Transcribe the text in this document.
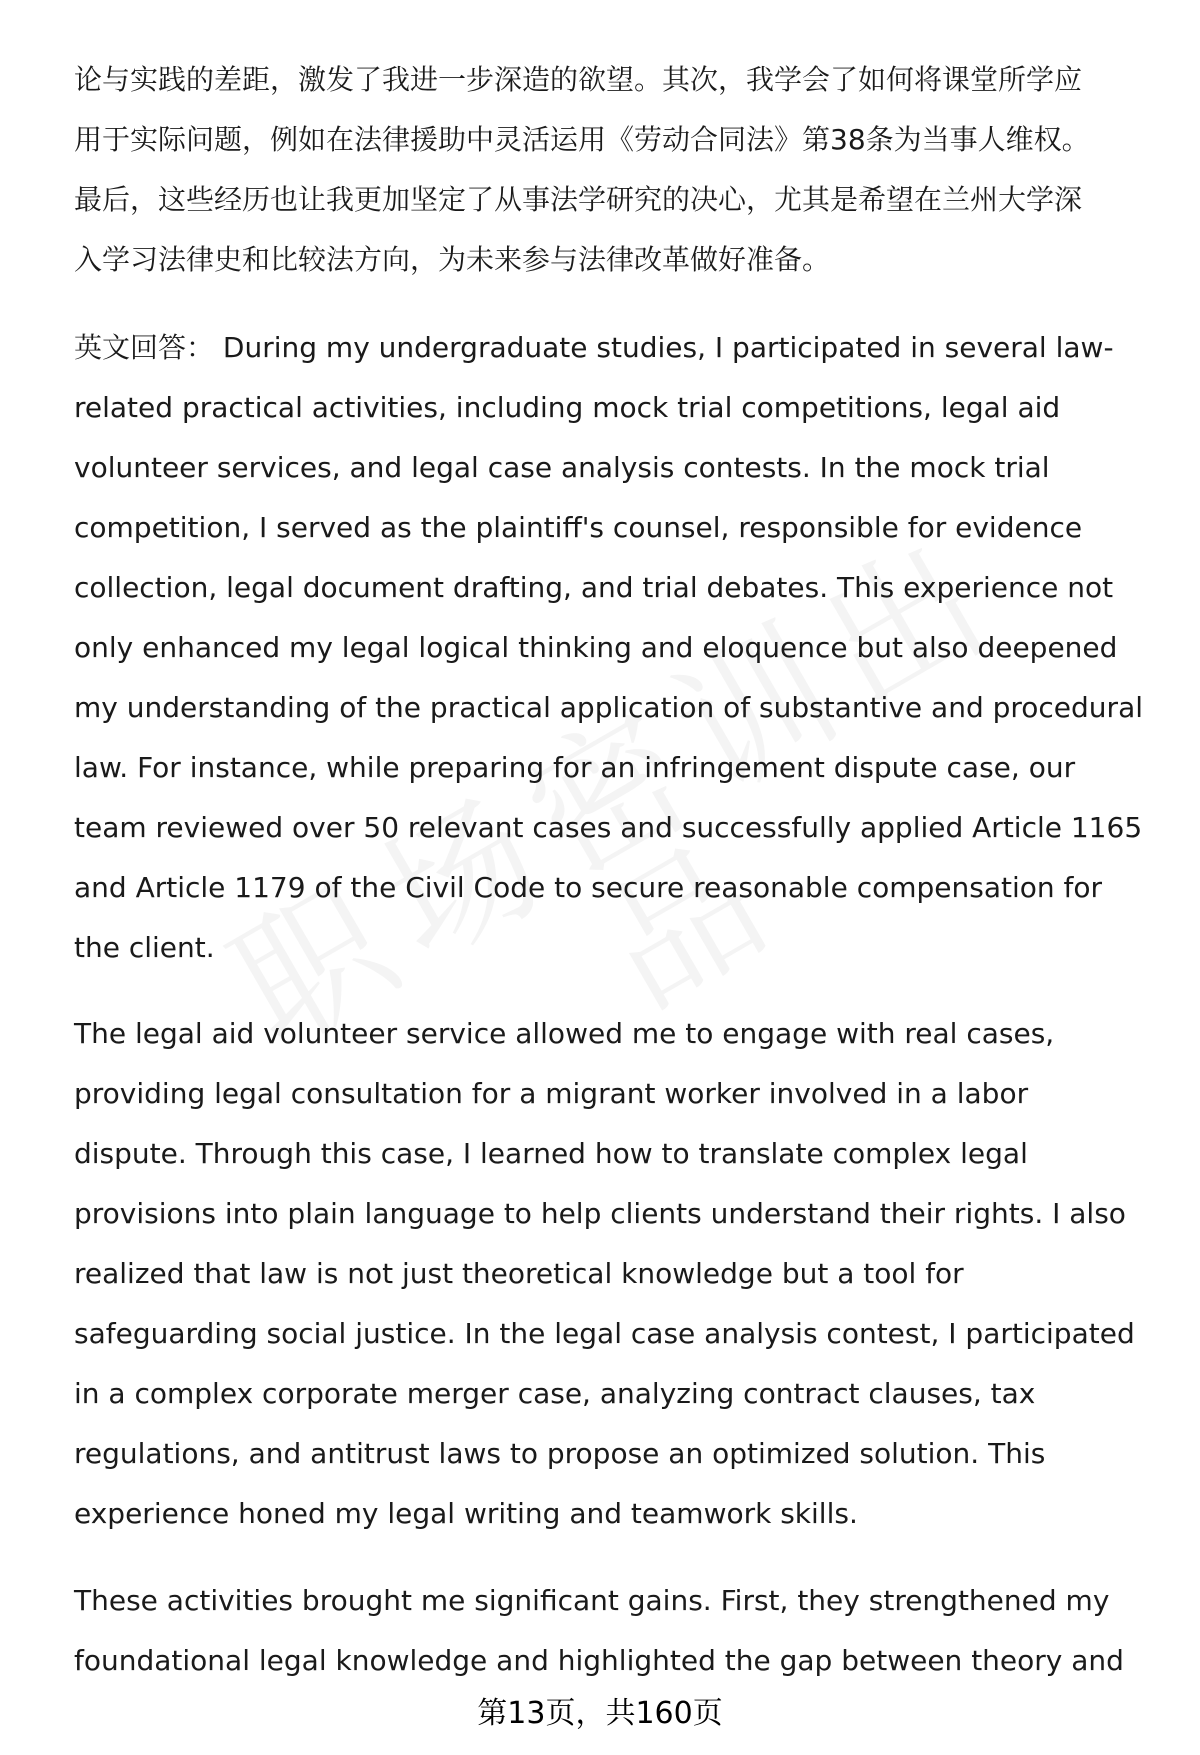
论与实践的差距，激发了我进一步深造的欲望。其次，我学会了如何将课堂所学应
用于实际问题，例如在法律援助中灵活运用《劳动合同法》第38条为当事人维权。
最后，这些经历也让我更加坚定了从事法学研究的决心，尤其是希望在兰州大学深
入学习法律史和比较法方向，为未来参与法律改革做好准备。

英文回答： During my undergraduate studies, I participated in several law-
related practical activities, including mock trial competitions, legal aid
volunteer services, and legal case analysis contests. In the mock trial
competition, I served as the plaintiff's counsel, responsible for evidence
collection, legal document drafting, and trial debates. This experience not
only enhanced my legal logical thinking and eloquence but also deepened
my understanding of the practical application of substantive and procedural
law. For instance, while preparing for an infringement dispute case, our
team reviewed over 50 relevant cases and successfully applied Article 1165
and Article 1179 of the Civil Code to secure reasonable compensation for
the client.

The legal aid volunteer service allowed me to engage with real cases,
providing legal consultation for a migrant worker involved in a labor
dispute. Through this case, I learned how to translate complex legal
provisions into plain language to help clients understand their rights. I also
realized that law is not just theoretical knowledge but a tool for
safeguarding social justice. In the legal case analysis contest, I participated
in a complex corporate merger case, analyzing contract clauses, tax
regulations, and antitrust laws to propose an optimized solution. This
experience honed my legal writing and teamwork skills.

These activities brought me significant gains. First, they strengthened my
foundational legal knowledge and highlighted the gap between theory and

第13页，共160页
